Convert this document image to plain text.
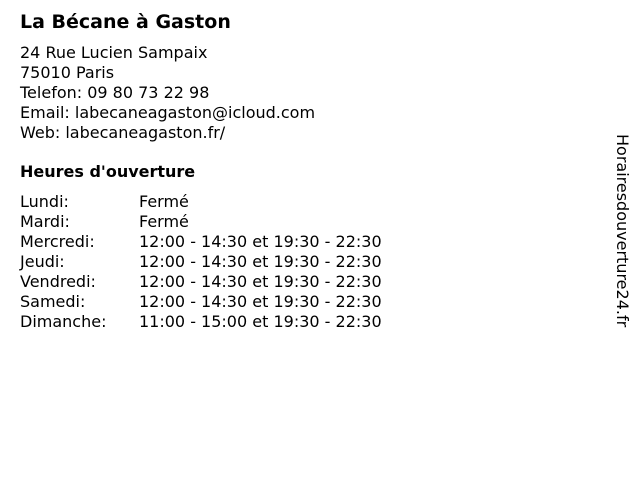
La Bécane à Gaston
24 Rue Lucien Sampaix
75010 Paris
Telefon: 09 80 73 22 98
Email: labecaneagaston@icloud.com
Web: labecaneagaston.fr/
Heures d'ouverture
Lundi:	Fermé
Mardi:	Fermé
Mercredi:	12:00 - 14:30 et 19:30 - 22:30
Jeudi:	12:00 - 14:30 et 19:30 - 22:30
Vendredi:	12:00 - 14:30 et 19:30 - 22:30
Samedi:	12:00 - 14:30 et 19:30 - 22:30
Dimanche:	11:00 - 15:00 et 19:30 - 22:30	Horairesdouverture24.fr
